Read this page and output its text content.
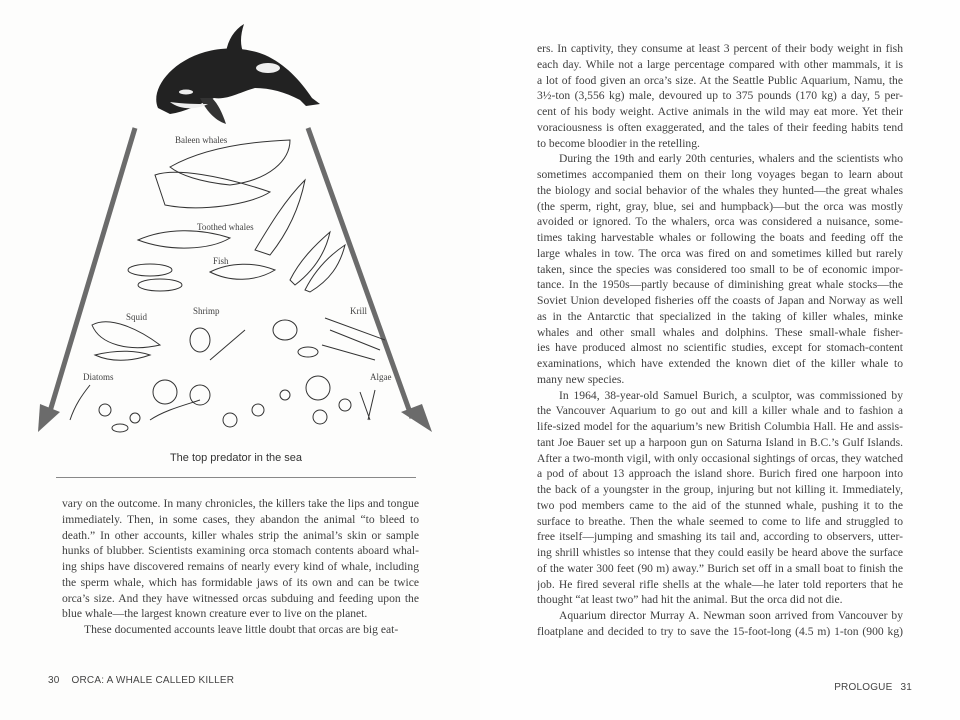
Baleen whales
Toothed whales
Fish
Squid
Shrimp	Krill
Diatoms	Algae
The top predator in the sea
vary on the outcome. In many chronicles, the killers take the lips and tongue
immediately. Then, in some cases, they abandon the animal “to bleed to
death.” In other accounts, killer whales strip the animal’s skin or sample
hunks of blubber. Scientists examining orca stomach contents aboard whal-
ing ships have discovered remains of nearly every kind of whale, including
the sperm whale, which has formidable jaws of its own and can be twice
orca’s size. And they have witnessed orcas subduing and feeding upon the
blue whale—the largest known creature ever to live on the planet.
These documented accounts leave little doubt that orcas are big eat-
30 ORCA: A WHALE CALLED KILLER
ers. In captivity, they consume at least 3 percent of their body weight in fish
each day. While not a large percentage compared with other mammals, it is
a lot of food given an orca’s size. At the Seattle Public Aquarium, Namu, the
3½-ton (3,556 kg) male, devoured up to 375 pounds (170 kg) a day, 5 per-
cent of his body weight. Active animals in the wild may eat more. Yet their
voraciousness is often exaggerated, and the tales of their feeding habits tend
to become bloodier in the retelling.
During the 19th and early 20th centuries, whalers and the scientists who
sometimes accompanied them on their long voyages began to learn about
the biology and social behavior of the whales they hunted—the great whales
(the sperm, right, gray, blue, sei and humpback)—but the orca was mostly
avoided or ignored. To the whalers, orca was considered a nuisance, some-
times taking harvestable whales or following the boats and feeding off the
large whales in tow. The orca was fired on and sometimes killed but rarely
taken, since the species was considered too small to be of economic impor-
tance. In the 1950s—partly because of diminishing great whale stocks—the
Soviet Union developed fisheries off the coasts of Japan and Norway as well
as in the Antarctic that specialized in the taking of killer whales, minke
whales and other small whales and dolphins. These small-whale fisher-
ies have produced almost no scientific studies, except for stomach-content
examinations, which have extended the known diet of the killer whale to
many new species.
In 1964, 38-year-old Samuel Burich, a sculptor, was commissioned by
the Vancouver Aquarium to go out and kill a killer whale and to fashion a
life-sized model for the aquarium’s new British Columbia Hall. He and assis-
tant Joe Bauer set up a harpoon gun on Saturna Island in B.C.’s Gulf Islands.
After a two-month vigil, with only occasional sightings of orcas, they watched
a pod of about 13 approach the island shore. Burich fired one harpoon into
the back of a youngster in the group, injuring but not killing it. Immediately,
two pod members came to the aid of the stunned whale, pushing it to the
surface to breathe. Then the whale seemed to come to life and struggled to
free itself—jumping and smashing its tail and, according to observers, utter-
ing shrill whistles so intense that they could easily be heard above the surface
of the water 300 feet (90 m) away.” Burich set off in a small boat to finish the
job. He fired several rifle shells at the whale—he later told reporters that he
thought “at least two” had hit the animal. But the orca did not die.
Aquarium director Murray A. Newman soon arrived from Vancouver by
floatplane and decided to try to save the 15-foot-long (4.5 m) 1-ton (900 kg)
PROLOGUE 31
